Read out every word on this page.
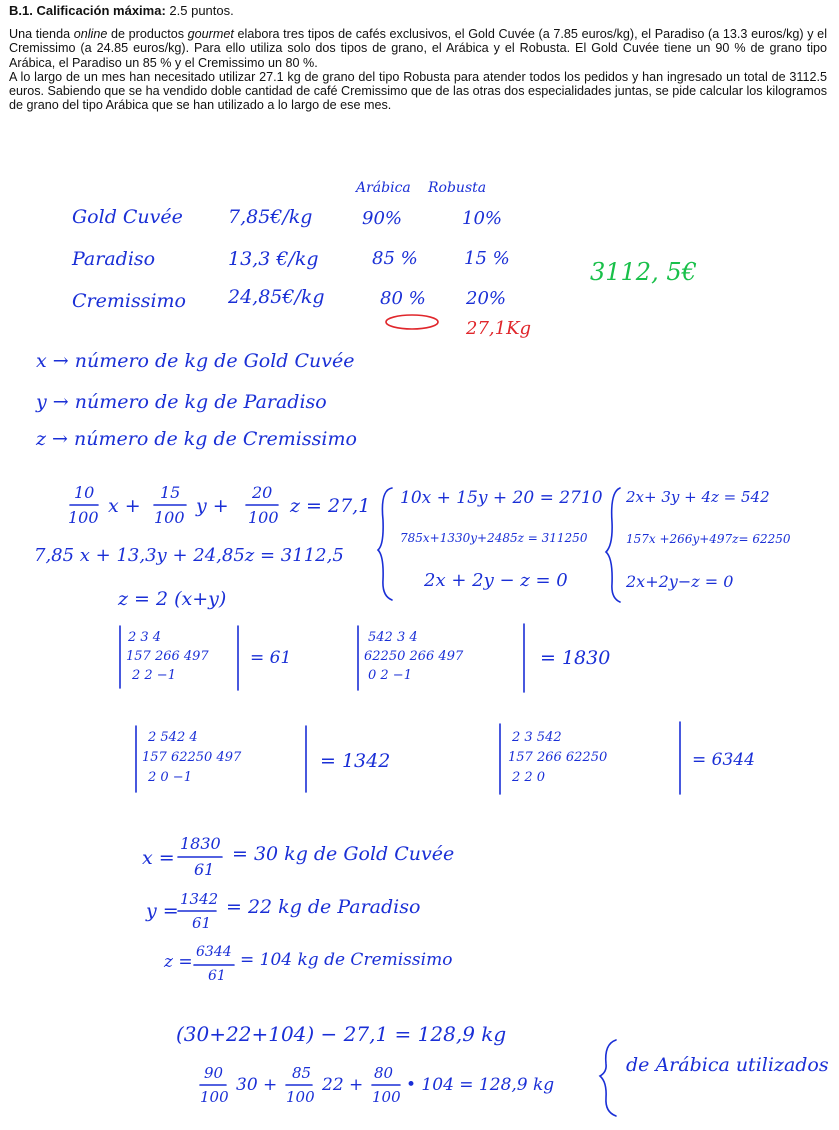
B.1. Calificación máxima: 2.5 puntos.

Una tienda online de productos gourmet elabora tres tipos de cafés exclusivos, el Gold Cuvée (a 7.85 euros/kg), el Paradiso (a 13.3 euros/kg) y el Cremissimo (a 24.85 euros/kg). Para ello utiliza solo dos tipos de grano, el Arábica y el Robusta. El Gold Cuvée tiene un 90 % de grano tipo Arábica, el Paradiso un 85 % y el Cremissimo un 80 %.

A lo largo de un mes han necesitado utilizar 27.1 kg de grano del tipo Robusta para atender todos los pedidos y han ingresado un total de 3112.5 euros. Sabiendo que se ha vendido doble cantidad de café Cremissimo que de las otras dos especialidades juntas, se pide calcular los kilogramos de grano del tipo Arábica que se han utilizado a lo largo de ese mes.

Arábica Robusta
Gold Cuvée 7,85€/kg	90%	10%
Paradiso	13,3 €/kg	85 %	15 %	3112, 5€
Cremissimo 24,85€/kg	80 % 20%
27,1Kg
x → número de kg de Gold Cuvée
y → número de kg de Paradiso
z → número de kg de Cremissimo
10
100
x +
15
100
y +
20
100
z = 27,1
7,85 x + 13,3y + 24,85z = 3112,5
z = 2 (x+y)
10x + 15y + 20 = 2710
785x+1330y+2485z = 311250
2x + 2y − z = 0
2x+ 3y + 4z = 542
157x +266y+497z= 62250
2x+2y−z = 0
2 3 4
157 266 497
2 2 −1
= 61
542 3 4
62250 266 497
0 2 −1
= 1830
2 542 4
157 62250 497
2 0 −1
= 1342
2 3 542
157 266 62250
2 2 0
= 6344
x =
1830
61
= 30 kg de Gold Cuvée
y =
1342
61
= 22 kg de Paradiso
z = 6344
61
= 104 kg de Cremissimo
(30+22+104) − 27,1 = 128,9 kg
90
100
30 +
85
100
22 +
80
100
• 104 = 128,9 kg
de Arábica utilizados
